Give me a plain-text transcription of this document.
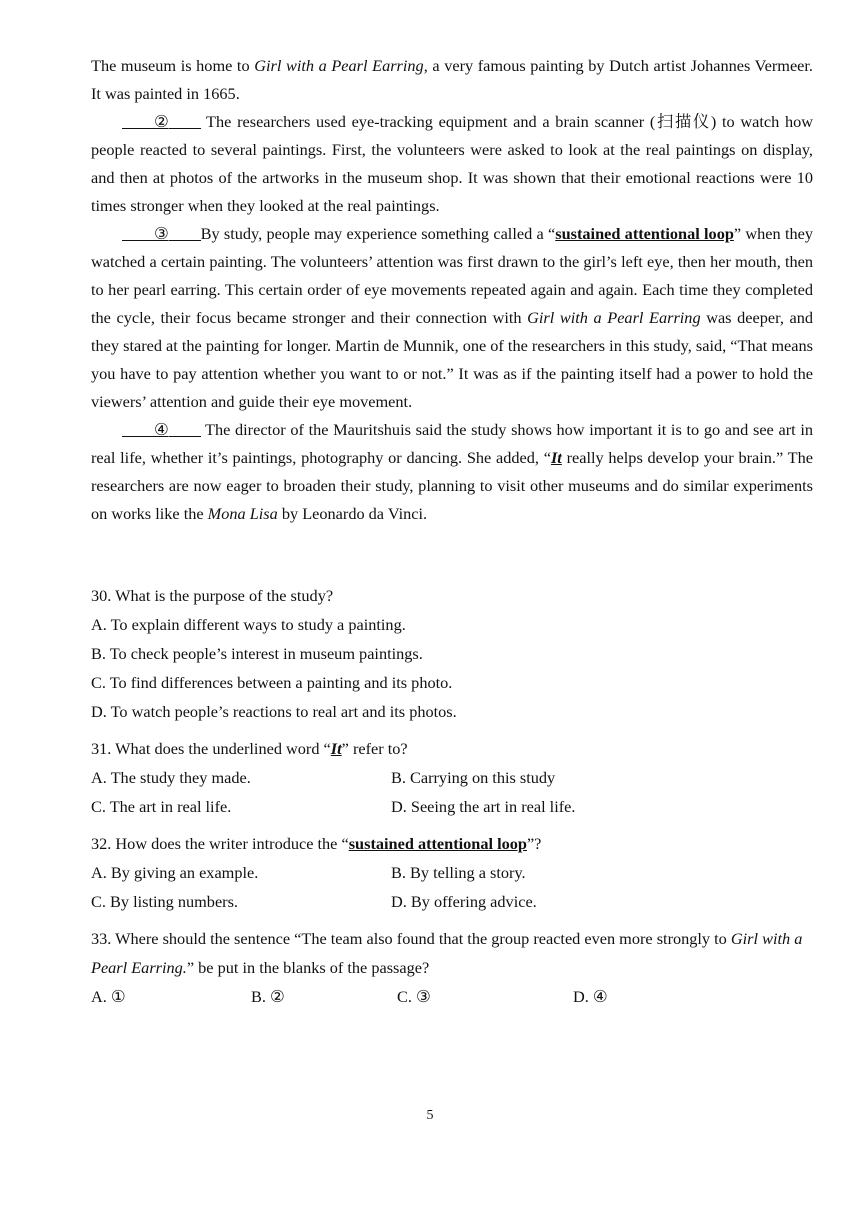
The museum is home to Girl with a Pearl Earring, a very famous painting by Dutch artist Johannes Vermeer. It was painted in 1665.

② The researchers used eye-tracking equipment and a brain scanner (扫描仪) to watch how people reacted to several paintings. First, the volunteers were asked to look at the real paintings on display, and then at photos of the artworks in the museum shop. It was shown that their emotional reactions were 10 times stronger when they looked at the real paintings.

③ By study, people may experience something called a “sustained attentional loop” when they watched a certain painting. The volunteers’ attention was first drawn to the girl’s left eye, then her mouth, then to her pearl earring. This certain order of eye movements repeated again and again. Each time they completed the cycle, their focus became stronger and their connection with Girl with a Pearl Earring was deeper, and they stared at the painting for longer. Martin de Munnik, one of the researchers in this study, said, “That means you have to pay attention whether you want to or not.” It was as if the painting itself had a power to hold the viewers’ attention and guide their eye movement.

④ The director of the Mauritshuis said the study shows how important it is to go and see art in real life, whether it’s paintings, photography or dancing. She added, “It really helps develop your brain.” The researchers are now eager to broaden their study, planning to visit other museums and do similar experiments on works like the Mona Lisa by Leonardo da Vinci.

30. What is the purpose of the study?
A. To explain different ways to study a painting.
B. To check people’s interest in museum paintings.
C. To find differences between a painting and its photo.
D. To watch people’s reactions to real art and its photos.
31. What does the underlined word “It” refer to?
A. The study they made.	B. Carrying on this study
C. The art in real life.	D. Seeing the art in real life.
32. How does the writer introduce the “sustained attentional loop”?
A. By giving an example.	B. By telling a story.
C. By listing numbers.	D. By offering advice.
33. Where should the sentence “The team also found that the group reacted even more strongly to Girl with a Pearl Earring.” be put in the blanks of the passage?
A. ①	B. ②	C. ③	D. ④
5
